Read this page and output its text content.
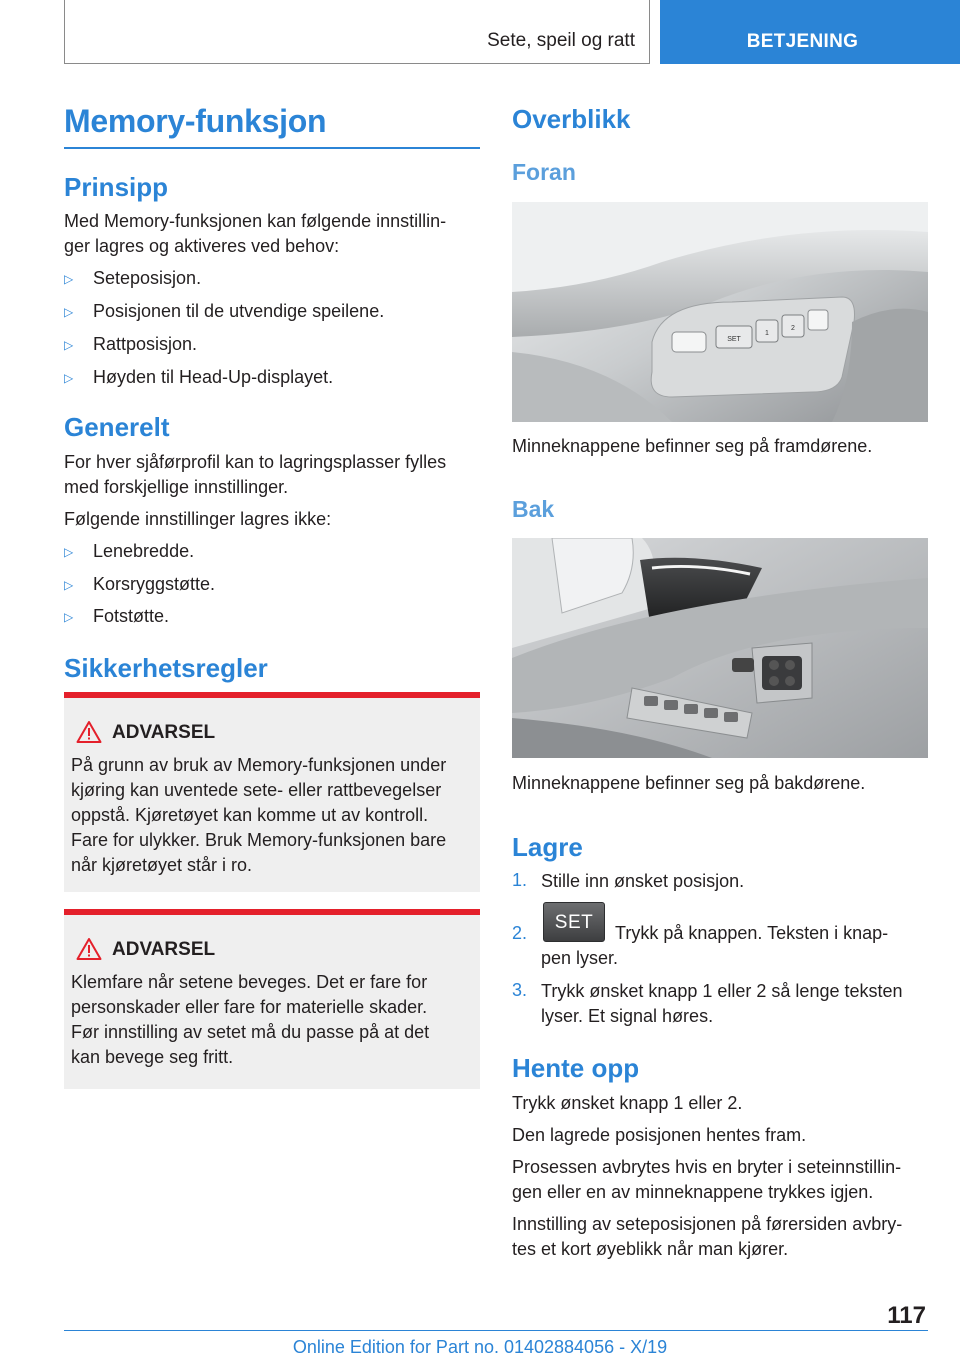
Sete, speil og ratt	BETJENING
Memory-funksjon
Prinsipp
Med Memory-funksjonen kan følgende innstillin-
ger lagres og aktiveres ved behov:
▷ Seteposisjon.
▷ Posisjonen til de utvendige speilene.
▷ Rattposisjon.
▷ Høyden til Head-Up-displayet.
Generelt
For hver sjåførprofil kan to lagringsplasser fylles
med forskjellige innstillinger.
Følgende innstillinger lagres ikke:
▷ Lenebredde.
▷ Korsryggstøtte.
▷ Fotstøtte.
Sikkerhetsregler
ADVARSEL
På grunn av bruk av Memory-funksjonen under
kjøring kan uventede sete- eller rattbevegelser
oppstå. Kjøretøyet kan komme ut av kontroll.
Fare for ulykker. Bruk Memory-funksjonen bare
når kjøretøyet står i ro.
ADVARSEL
Klemfare når setene beveges. Det er fare for
personskader eller fare for materielle skader.
Før innstilling av setet må du passe på at det
kan bevege seg fritt.
Overblikk
Foran
SET
1
2
Minneknappene befinner seg på framdørene.
Bak
Minneknappene befinner seg på bakdørene.
Lagre
1. Stille inn ønsket posisjon.
2.	SET	Trykk på knappen. Teksten i knap-
pen lyser.
3. Trykk ønsket knapp 1 eller 2 så lenge teksten
lyser. Et signal høres.
Hente opp
Trykk ønsket knapp 1 eller 2.
Den lagrede posisjonen hentes fram.
Prosessen avbrytes hvis en bryter i seteinnstillin-
gen eller en av minneknappene trykkes igjen.
Innstilling av seteposisjonen på førersiden avbry-
tes et kort øyeblikk når man kjører.
117
Online Edition for Part no. 01402884056 - X/19
